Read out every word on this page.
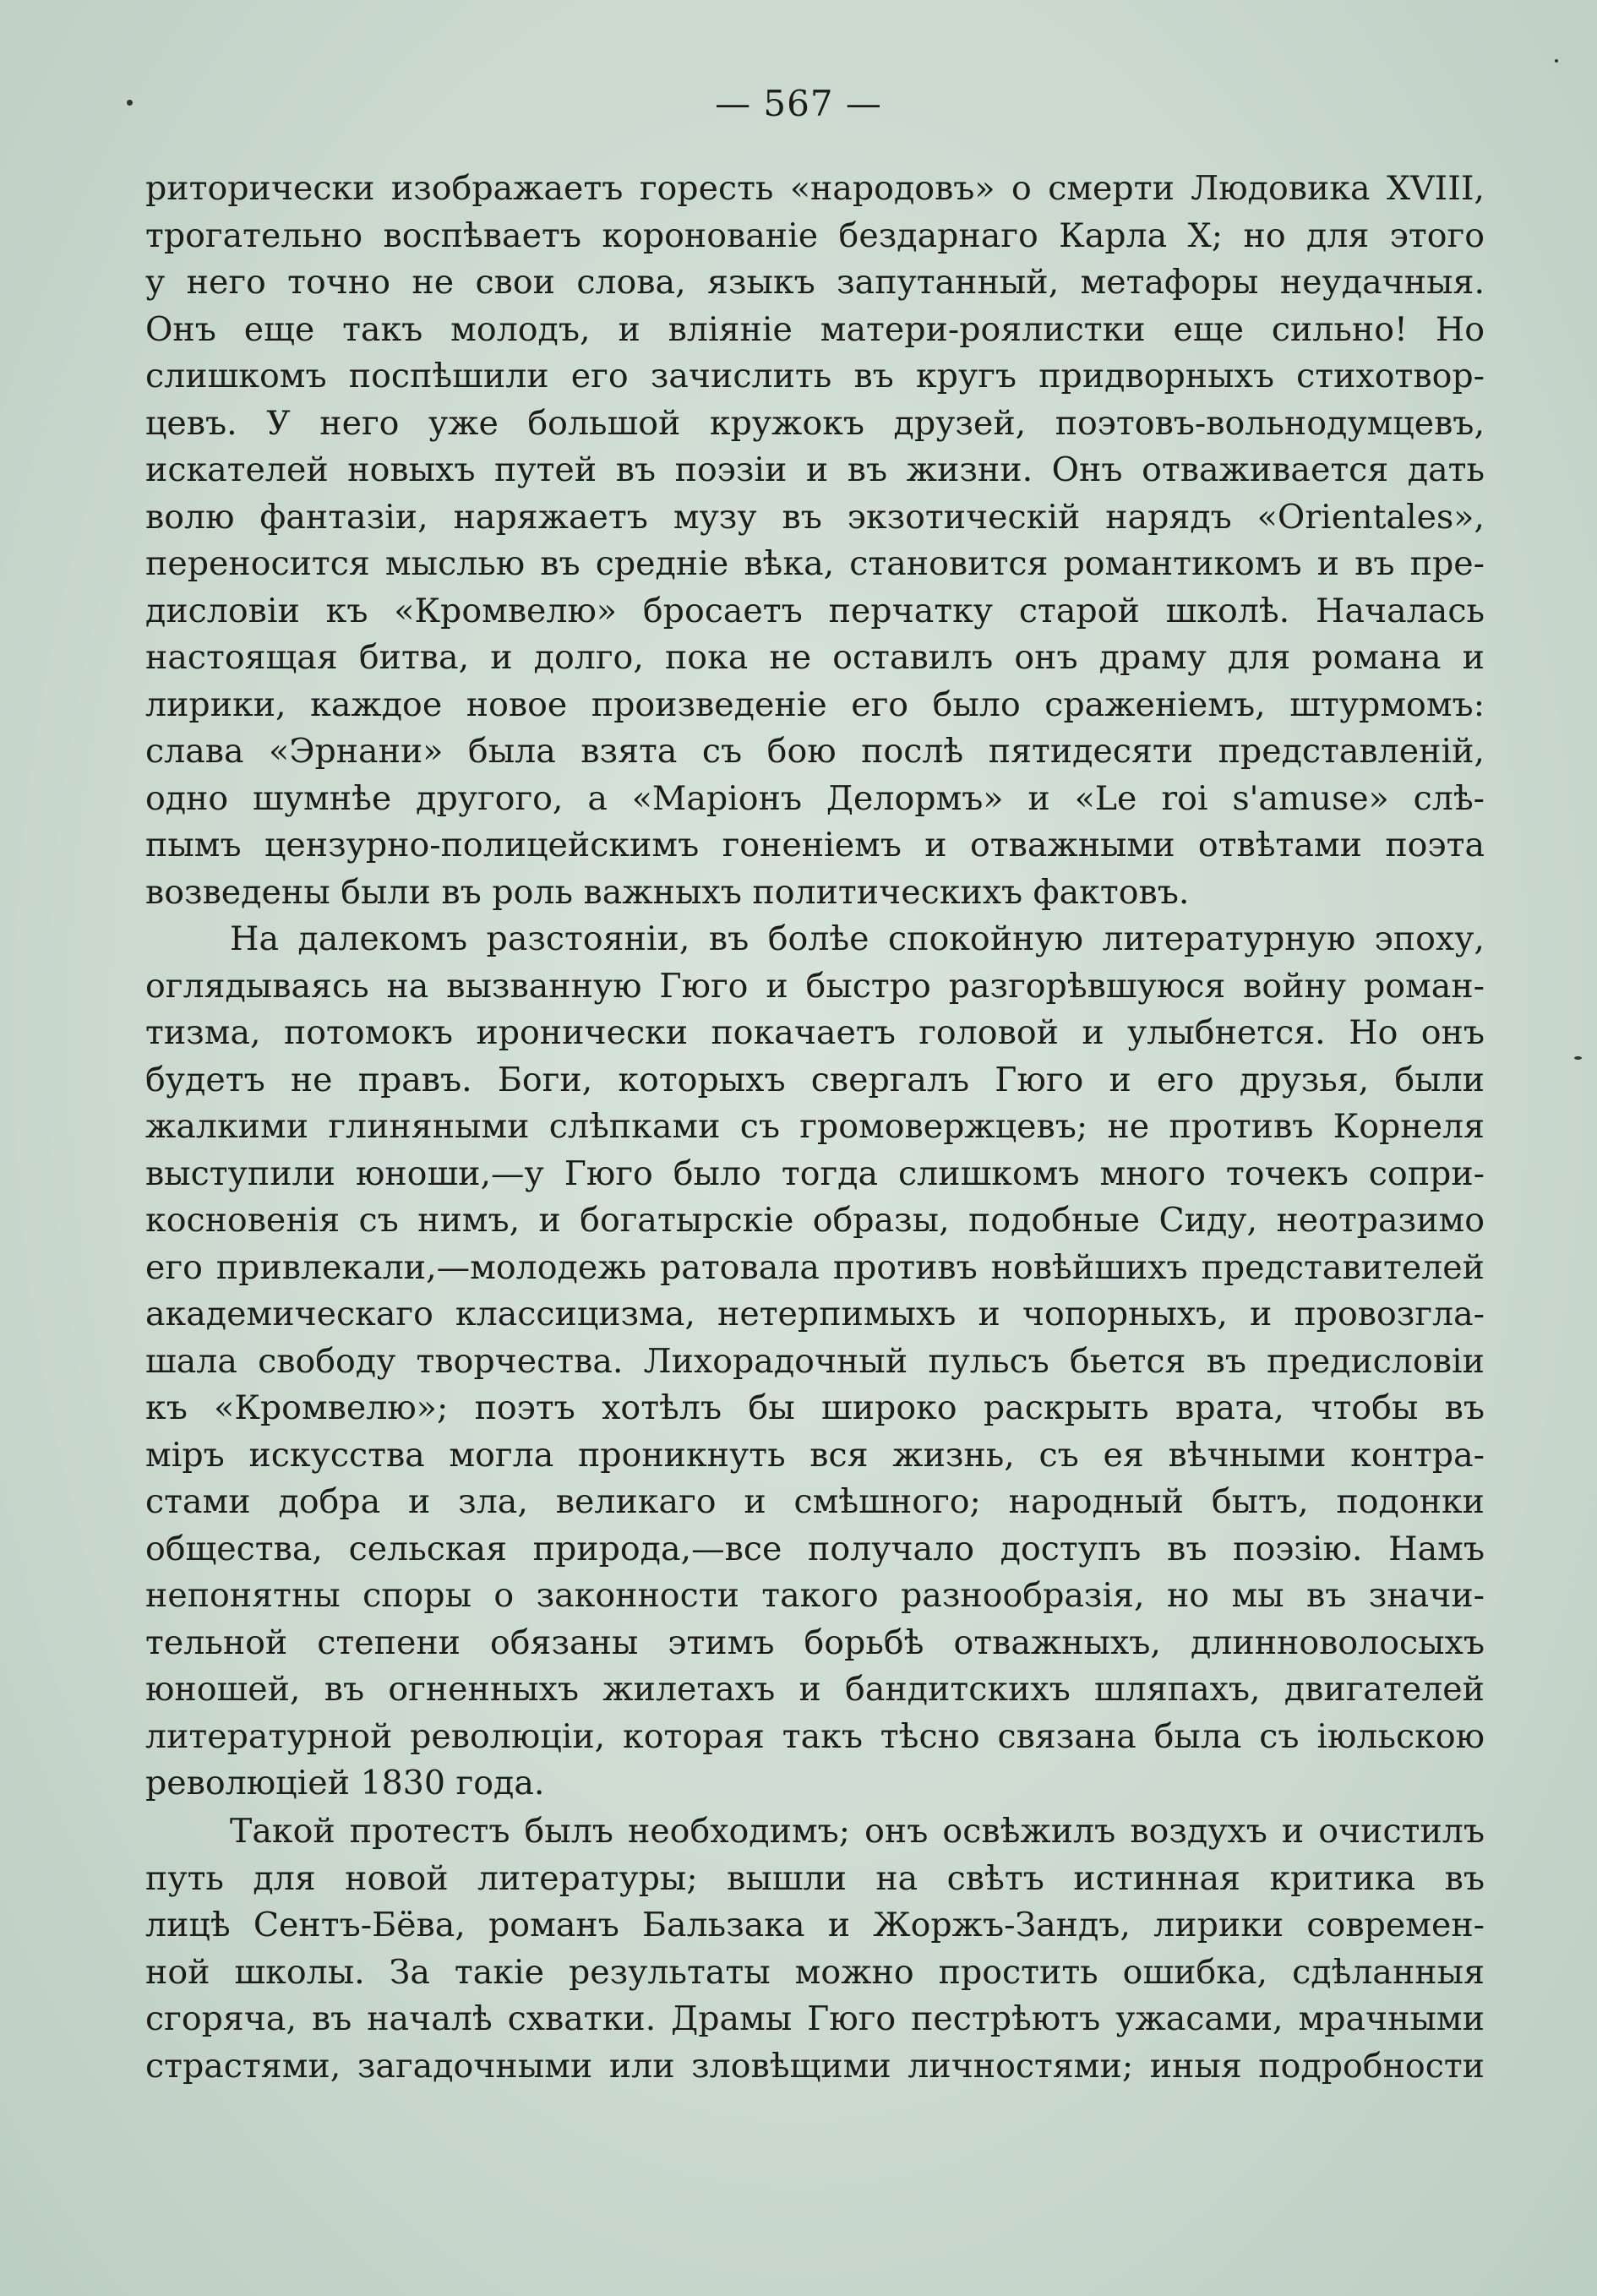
— 567 —
риторически изображаетъ горесть «народовъ» о смерти Людовика XVIII,
трогательно воспѣваетъ коронованіе бездарнаго Карла X; но для этого
у него точно не свои слова, языкъ запутанный, метафоры неудачныя.
Онъ еще такъ молодъ, и вліяніе матери-роялистки еще сильно! Но
слишкомъ поспѣшили его зачислить въ кругъ придворныхъ стихотвор-
цевъ. У него уже большой кружокъ друзей, поэтовъ-вольнодумцевъ,
искателей новыхъ путей въ поэзіи и въ жизни. Онъ отваживается дать
волю фантазіи, наряжаетъ музу въ экзотическій нарядъ «Orientales»,
переносится мыслью въ средніе вѣка, становится романтикомъ и въ пре-
дисловіи къ «Кромвелю» бросаетъ перчатку старой школѣ. Началась
настоящая битва, и долго, пока не оставилъ онъ драму для романа и
лирики, каждое новое произведеніе его было сраженіемъ, штурмомъ:
слава «Эрнани» была взята съ бою послѣ пятидесяти представленій,
одно шумнѣе другого, а «Маріонъ Делормъ» и «Le roi s'amuse» слѣ-
пымъ цензурно-полицейскимъ гоненіемъ и отважными отвѣтами поэта
возведены были въ роль важныхъ политическихъ фактовъ.
На далекомъ разстояніи, въ болѣе спокойную литературную эпоху,
оглядываясь на вызванную Гюго и быстро разгорѣвшуюся войну роман-
тизма, потомокъ иронически покачаетъ головой и улыбнется. Но онъ
будетъ не правъ. Боги, которыхъ свергалъ Гюго и его друзья, были
жалкими глиняными слѣпками съ громовержцевъ; не противъ Корнеля
выступили юноши,—у Гюго было тогда слишкомъ много точекъ сопри-
косновенія съ нимъ, и богатырскіе образы, подобные Сиду, неотразимо
его привлекали,—молодежь ратовала противъ новѣйшихъ представителей
академическаго классицизма, нетерпимыхъ и чопорныхъ, и провозгла-
шала свободу творчества. Лихорадочный пульсъ бьется въ предисловіи
къ «Кромвелю»; поэтъ хотѣлъ бы широко раскрыть врата, чтобы въ
міръ искусства могла проникнуть вся жизнь, съ ея вѣчными контра-
стами добра и зла, великаго и смѣшного; народный бытъ, подонки
общества, сельская природа,—все получало доступъ въ поэзію. Намъ
непонятны споры о законности такого разнообразія, но мы въ значи-
тельной степени обязаны этимъ борьбѣ отважныхъ, длинноволосыхъ
юношей, въ огненныхъ жилетахъ и бандитскихъ шляпахъ, двигателей
литературной революціи, которая такъ тѣсно связана была съ іюльскою
революціей 1830 года.
Такой протестъ былъ необходимъ; онъ освѣжилъ воздухъ и очистилъ
путь для новой литературы; вышли на свѣтъ истинная критика въ
лицѣ Сентъ-Бёва, романъ Бальзака и Жоржъ-Зандъ, лирики современ-
ной школы. За такіе результаты можно простить ошибка, сдѣланныя
сгоряча, въ началѣ схватки. Драмы Гюго пестрѣютъ ужасами, мрачными
страстями, загадочными или зловѣщими личностями; иныя подробности
